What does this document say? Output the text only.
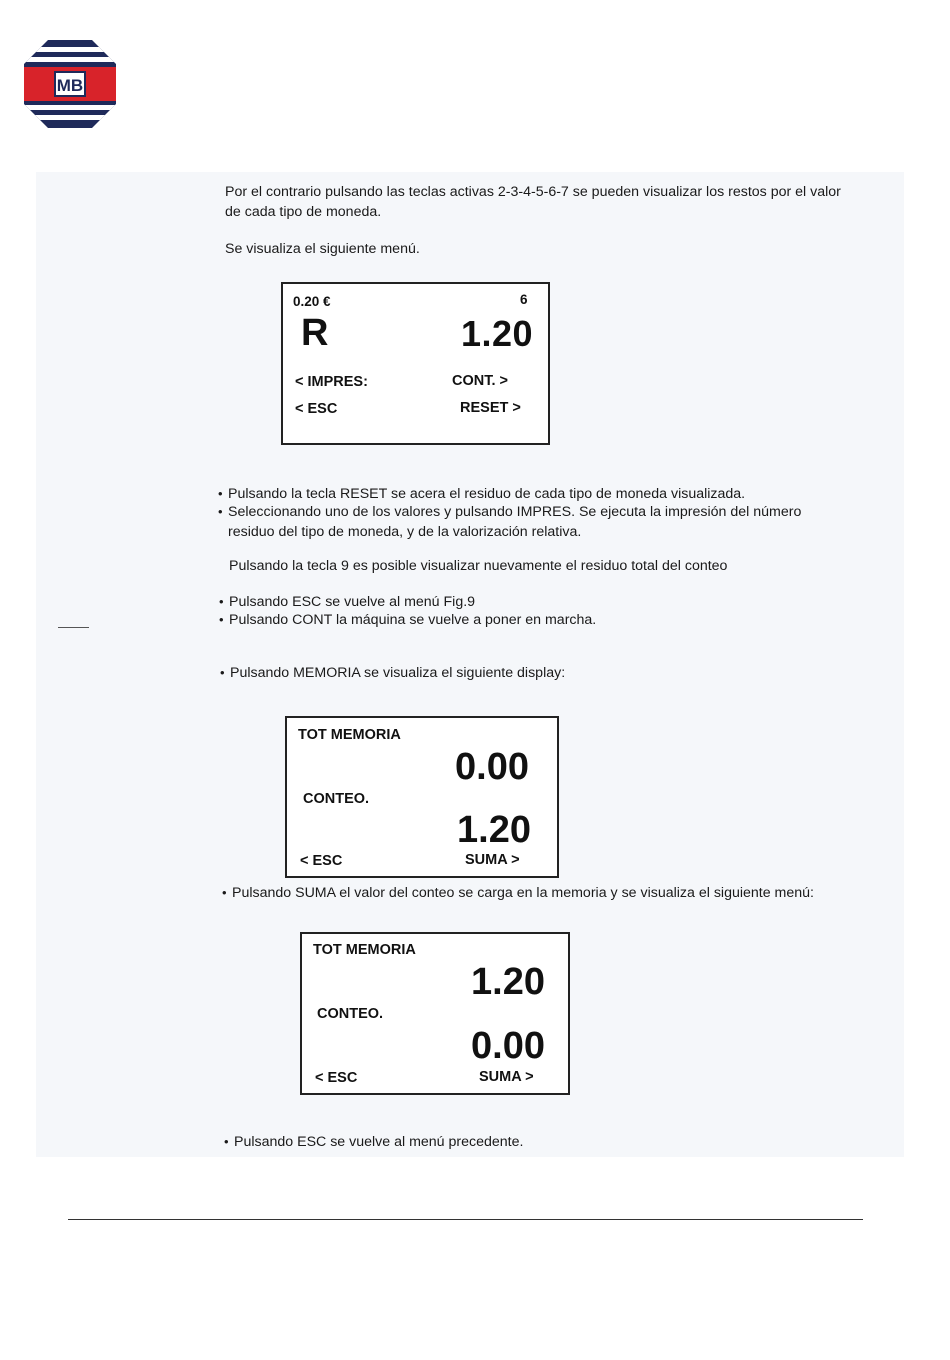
MB

Por el contrario pulsando las teclas activas 2-3-4-5-6-7 se pueden visualizar los restos por el valor de cada tipo de moneda.

Se visualiza el siguiente menú.

0.20 €	6
R	1.20
< IMPRES:	CONT. >
< ESC	RESET >

• Pulsando la tecla RESET se acera el residuo de cada tipo de moneda visualizada.

• Seleccionando uno de los valores y pulsando IMPRES. Se ejecuta la impresión del número residuo del tipo de moneda, y de la valorización relativa.

Pulsando la tecla 9 es posible visualizar nuevamente el residuo total del conteo

• Pulsando ESC se vuelve al menú Fig.9

• Pulsando CONT la máquina se vuelve a poner en marcha.

• Pulsando MEMORIA se visualiza el siguiente display:

TOT MEMORIA
0.00
CONTEO.
1.20
< ESC	SUMA >

• Pulsando SUMA el valor del conteo se carga en la memoria y se visualiza el siguiente menú:

TOT MEMORIA
1.20
CONTEO.
0.00
< ESC	SUMA >

• Pulsando ESC se vuelve al menú precedente.
